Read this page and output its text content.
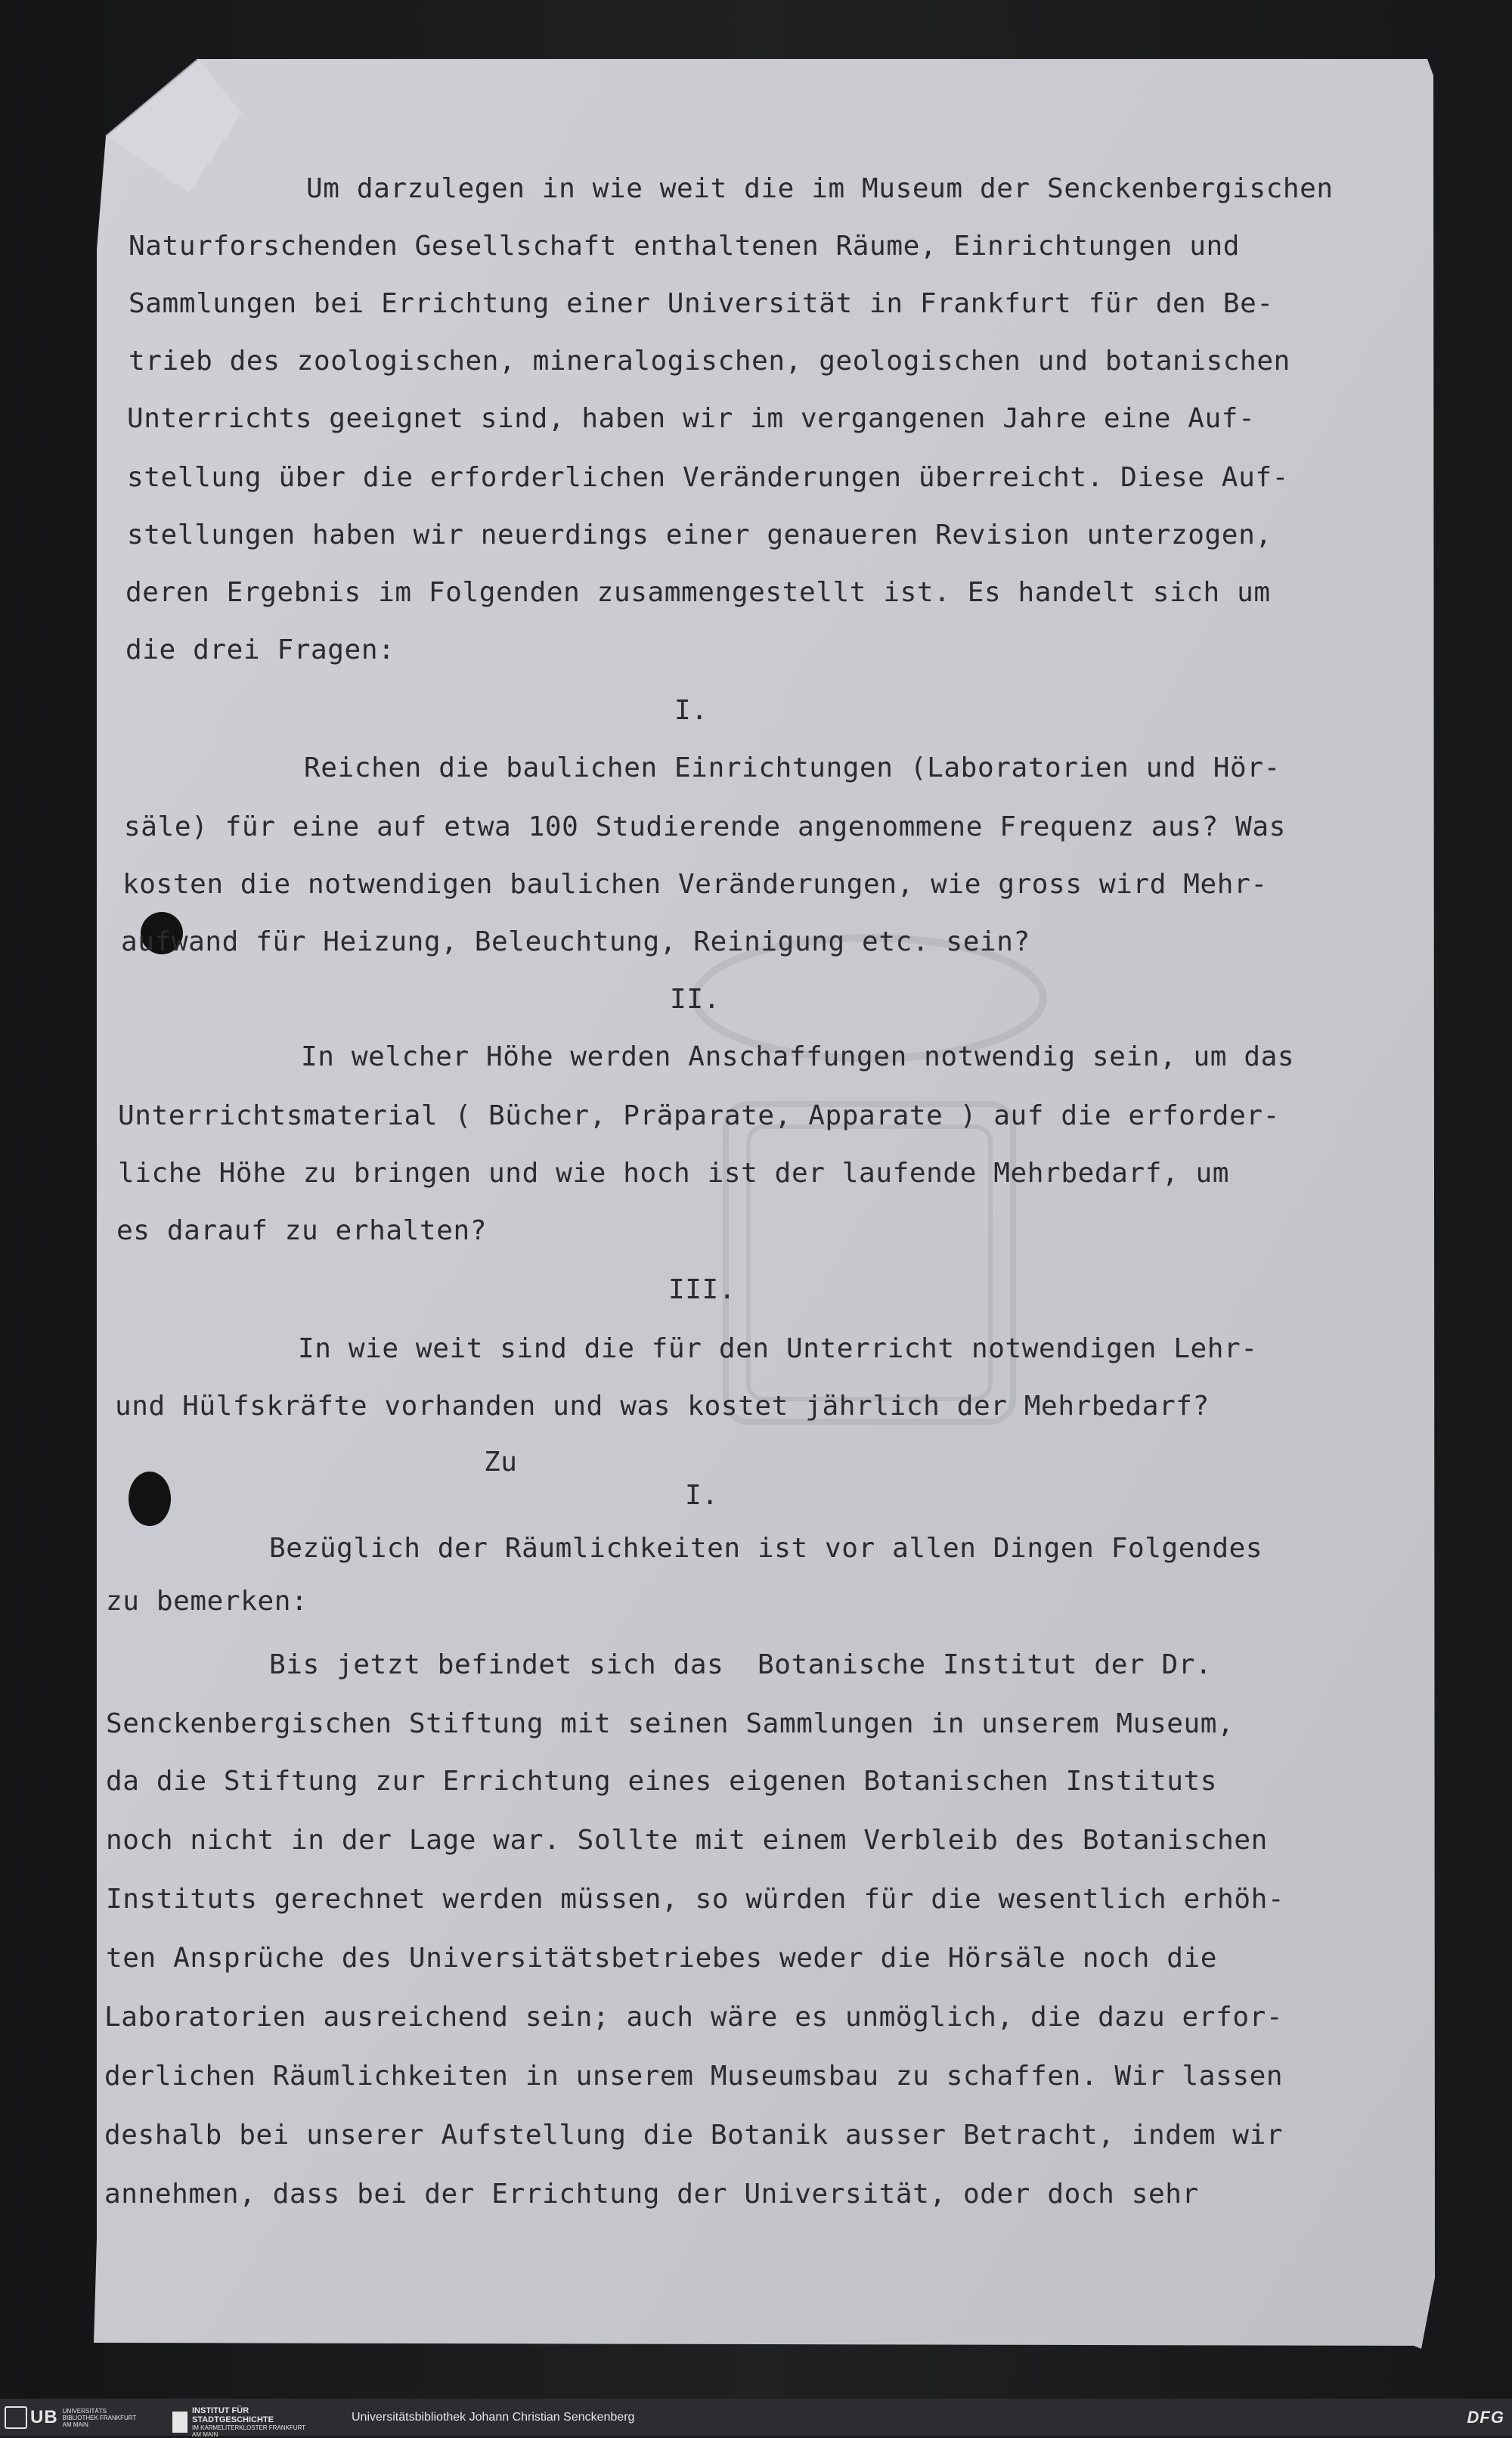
Um darzulegen in wie weit die im Museum der Senckenbergischen
Naturforschenden Gesellschaft enthaltenen Räume, Einrichtungen und
Sammlungen bei Errichtung einer Universität in Frankfurt für den Be-
trieb des zoologischen, mineralogischen, geologischen und botanischen
Unterrichts geeignet sind, haben wir im vergangenen Jahre eine Auf-
stellung über die erforderlichen Veränderungen überreicht. Diese Auf-
stellungen haben wir neuerdings einer genaueren Revision unterzogen,
deren Ergebnis im Folgenden zusammengestellt ist. Es handelt sich um
die drei Fragen:
I.
Reichen die baulichen Einrichtungen (Laboratorien und Hör-
säle) für eine auf etwa 100 Studierende angenommene Frequenz aus? Was
kosten die notwendigen baulichen Veränderungen, wie gross wird Mehr-
aufwand für Heizung, Beleuchtung, Reinigung etc. sein?
II.
In welcher Höhe werden Anschaffungen notwendig sein, um das
Unterrichtsmaterial ( Bücher, Präparate, Apparate ) auf die erforder-
liche Höhe zu bringen und wie hoch ist der laufende Mehrbedarf, um
es darauf zu erhalten?
III.
In wie weit sind die für den Unterricht notwendigen Lehr-
und Hülfskräfte vorhanden und was kostet jährlich der Mehrbedarf?
Zu
I.
Bezüglich der Räumlichkeiten ist vor allen Dingen Folgendes
zu bemerken:
Bis jetzt befindet sich das  Botanische Institut der Dr.
Senckenbergischen Stiftung mit seinen Sammlungen in unserem Museum,
da die Stiftung zur Errichtung eines eigenen Botanischen Instituts
noch nicht in der Lage war. Sollte mit einem Verbleib des Botanischen
Instituts gerechnet werden müssen, so würden für die wesentlich erhöh-
ten Ansprüche des Universitätsbetriebes weder die Hörsäle noch die
Laboratorien ausreichend sein; auch wäre es unmöglich, die dazu erfor-
derlichen Räumlichkeiten in unserem Museumsbau zu schaffen. Wir lassen
deshalb bei unserer Aufstellung die Botanik ausser Betracht, indem wir
annehmen, dass bei der Errichtung der Universität, oder doch sehr
UB UNIVERSITÄTS BIBLIOTHEK FRANKFURT AM MAIN
INSTITUT FÜR STADTGESCHICHTE
IM KARMELITERKLOSTER FRANKFURT AM MAIN
Universitätsbibliothek Johann Christian Senckenberg	DFG
